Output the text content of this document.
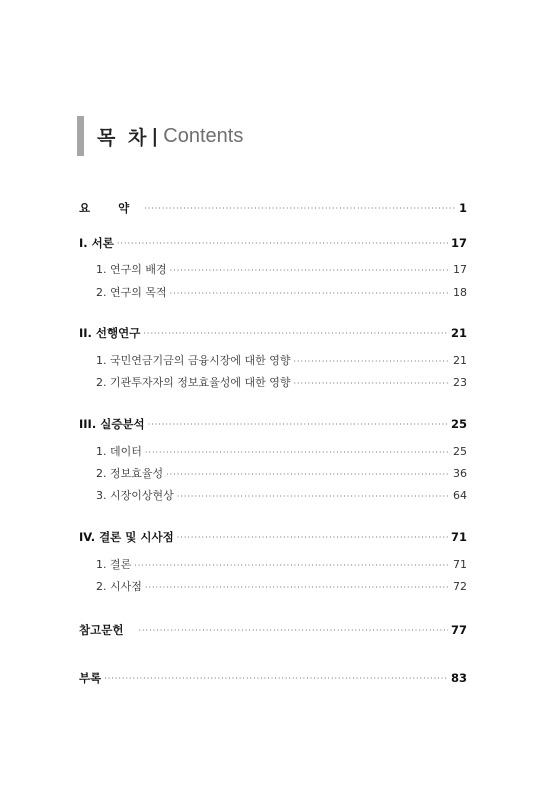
목 차 | Contents
요 약 ·····	1
I. 서론 ·····	17
1. 연구의 배경 ·····	17
2. 연구의 목적 ·····	18
II. 선행연구 ·····	21
1. 국민연금기금의 금융시장에 대한 영향 ·····	21
2. 기관투자자의 정보효율성에 대한 영향 ·····	23
III. 실증분석 ·····	25
1. 데이터 ·····	25
2. 정보효율성 ·····	36
3. 시장이상현상 ·····	64
IV. 결론 및 시사점 ·····	71
1. 결론 ·····	71
2. 시사점 ·····	72
참고문헌 ·····	77
부록 ·····	83
